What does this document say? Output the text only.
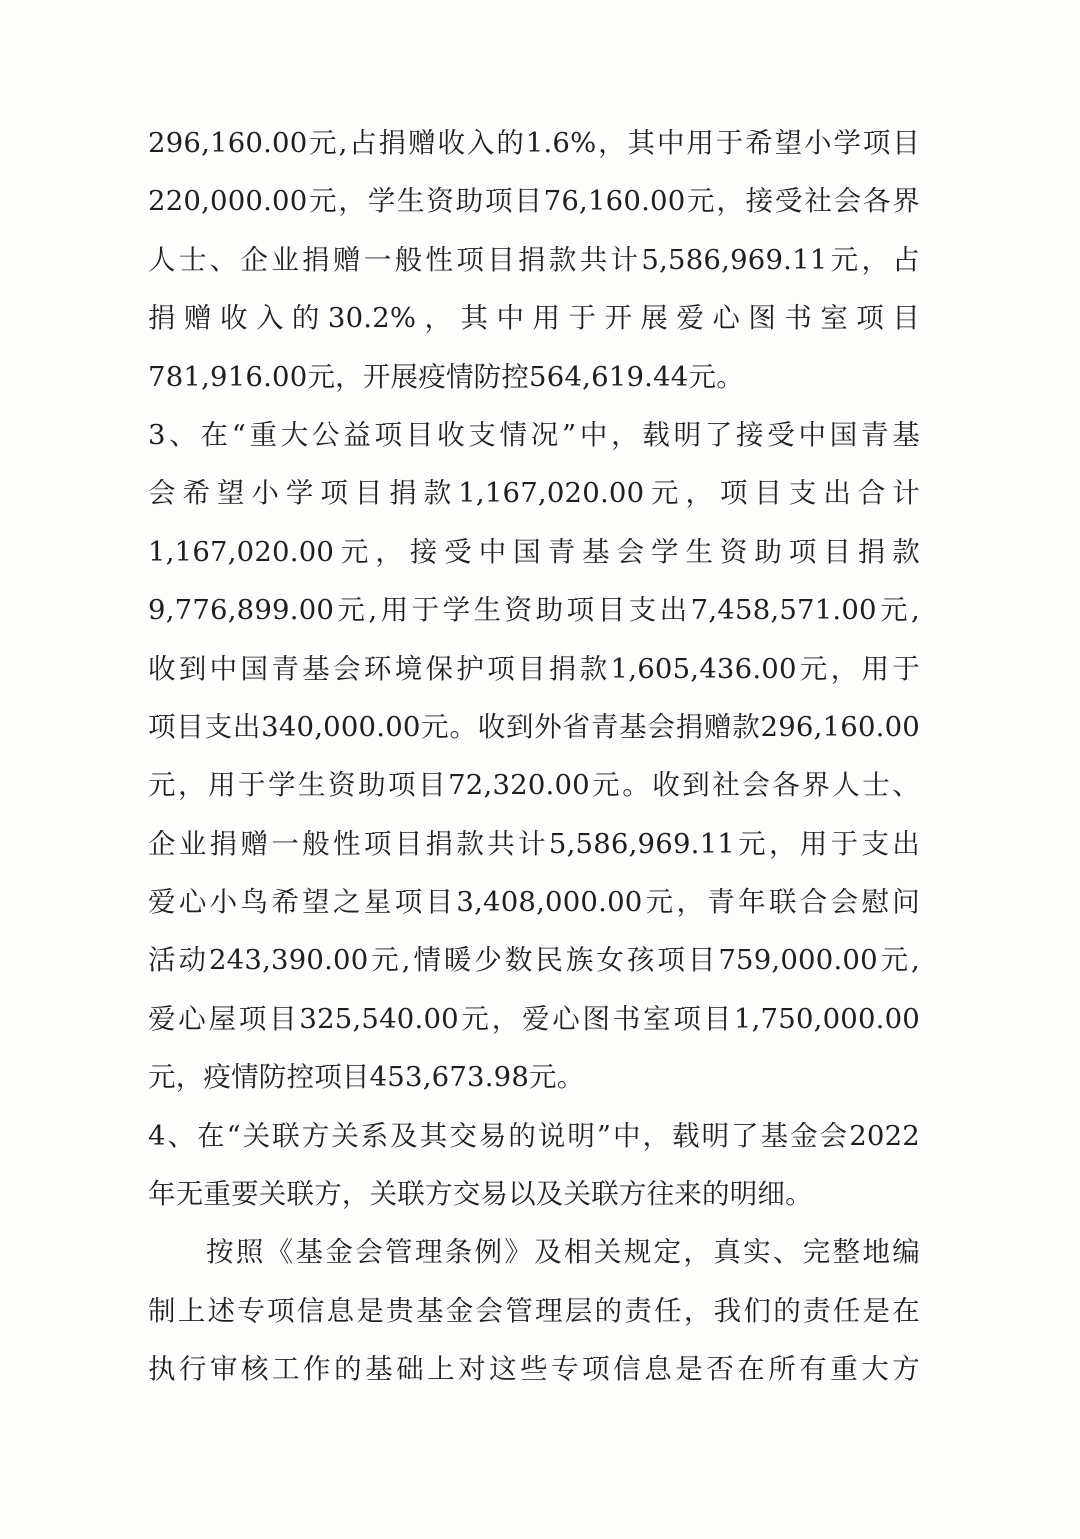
296,160.00元,占捐赠收入的1.6%，其中用于希望小学项目
220,000.00元，学生资助项目76,160.00元，接受社会各界
人士、企业捐赠一般性项目捐款共计5,586,969.11元，占
捐赠收入的30.2%，其中用于开展爱心图书室项目
781,916.00元，开展疫情防控564,619.44元。
3、在“重大公益项目收支情况”中，载明了接受中国青基
会希望小学项目捐款1,167,020.00元，项目支出合计
1,167,020.00元，接受中国青基会学生资助项目捐款
9,776,899.00元,用于学生资助项目支出7,458,571.00元,
收到中国青基会环境保护项目捐款1,605,436.00元，用于
项目支出340,000.00元。收到外省青基会捐赠款296,160.00
元，用于学生资助项目72,320.00元。收到社会各界人士、
企业捐赠一般性项目捐款共计5,586,969.11元，用于支出
爱心小鸟希望之星项目3,408,000.00元，青年联合会慰问
活动243,390.00元,情暖少数民族女孩项目759,000.00元,
爱心屋项目325,540.00元，爱心图书室项目1,750,000.00
元，疫情防控项目453,673.98元。
4、在“关联方关系及其交易的说明”中，载明了基金会2022
年无重要关联方，关联方交易以及关联方往来的明细。
按照《基金会管理条例》及相关规定，真实、完整地编
制上述专项信息是贵基金会管理层的责任，我们的责任是在
执行审核工作的基础上对这些专项信息是否在所有重大方
